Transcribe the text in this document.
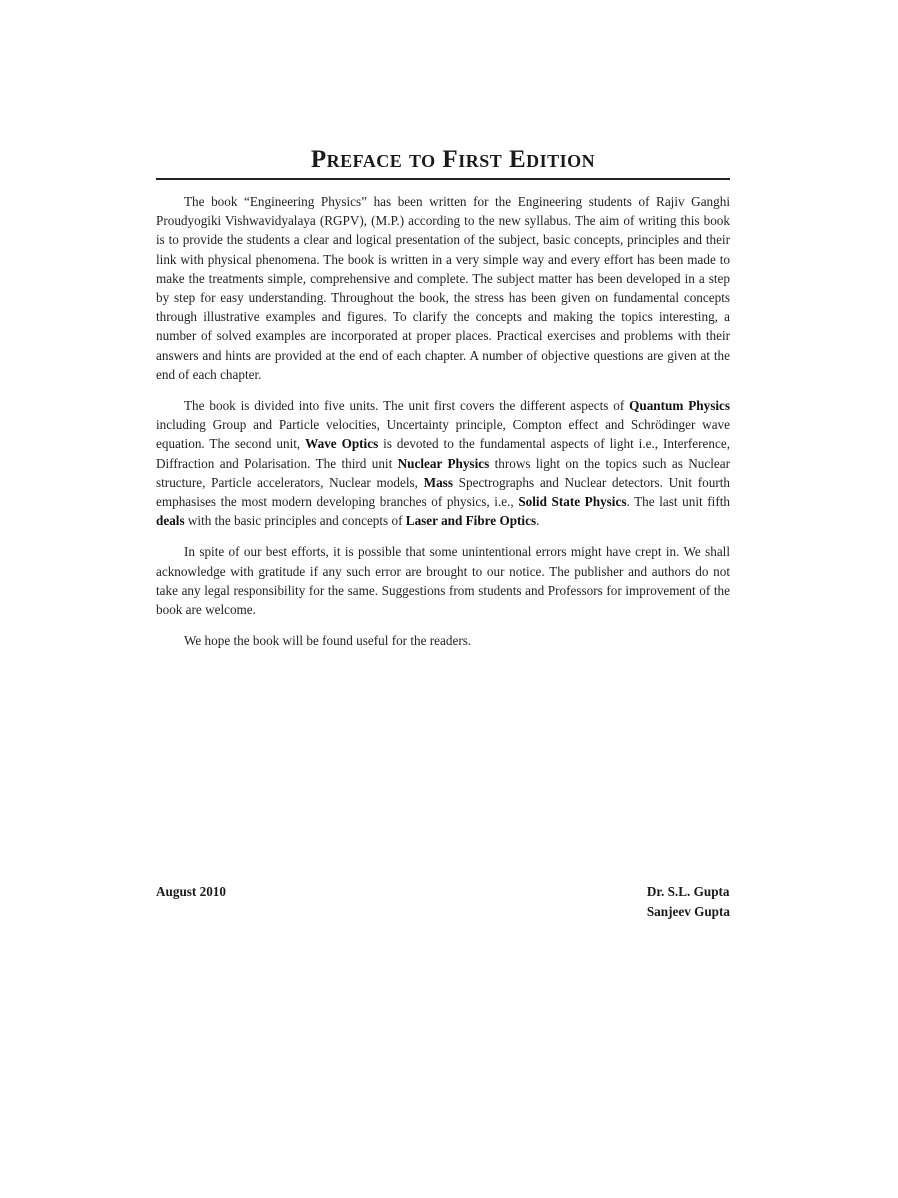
Preface to First Edition

The book “Engineering Physics” has been written for the Engineering students of Rajiv Ganghi Proudyogiki Vishwavidyalaya (RGPV), (M.P.) according to the new syllabus. The aim of writing this book is to provide the students a clear and logical presentation of the subject, basic concepts, principles and their link with physical phenomena. The book is written in a very simple way and every effort has been made to make the treatments simple, comprehensive and complete. The subject matter has been developed in a step by step for easy understanding. Throughout the book, the stress has been given on fundamental concepts through illustrative examples and figures. To clarify the concepts and making the topics interesting, a number of solved examples are incorporated at proper places. Practical exercises and problems with their answers and hints are provided at the end of each chapter. A number of objective questions are given at the end of each chapter.

The book is divided into five units. The unit first covers the different aspects of Quantum Physics including Group and Particle velocities, Uncertainty principle, Compton effect and Schrödinger wave equation. The second unit, Wave Optics is devoted to the fundamental aspects of light i.e., Interference, Diffraction and Polarisation. The third unit Nuclear Physics throws light on the topics such as Nuclear structure, Particle accelerators, Nuclear models, Mass Spectrographs and Nuclear detectors. Unit fourth emphasises the most modern developing branches of physics, i.e., Solid State Physics. The last unit fifth deals with the basic principles and concepts of Laser and Fibre Optics.

In spite of our best efforts, it is possible that some unintentional errors might have crept in. We shall acknowledge with gratitude if any such error are brought to our notice. The publisher and authors do not take any legal responsibility for the same. Suggestions from students and Professors for improvement of the book are welcome.

We hope the book will be found useful for the readers.

August 2010	Dr. S.L. Gupta
Sanjeev Gupta
